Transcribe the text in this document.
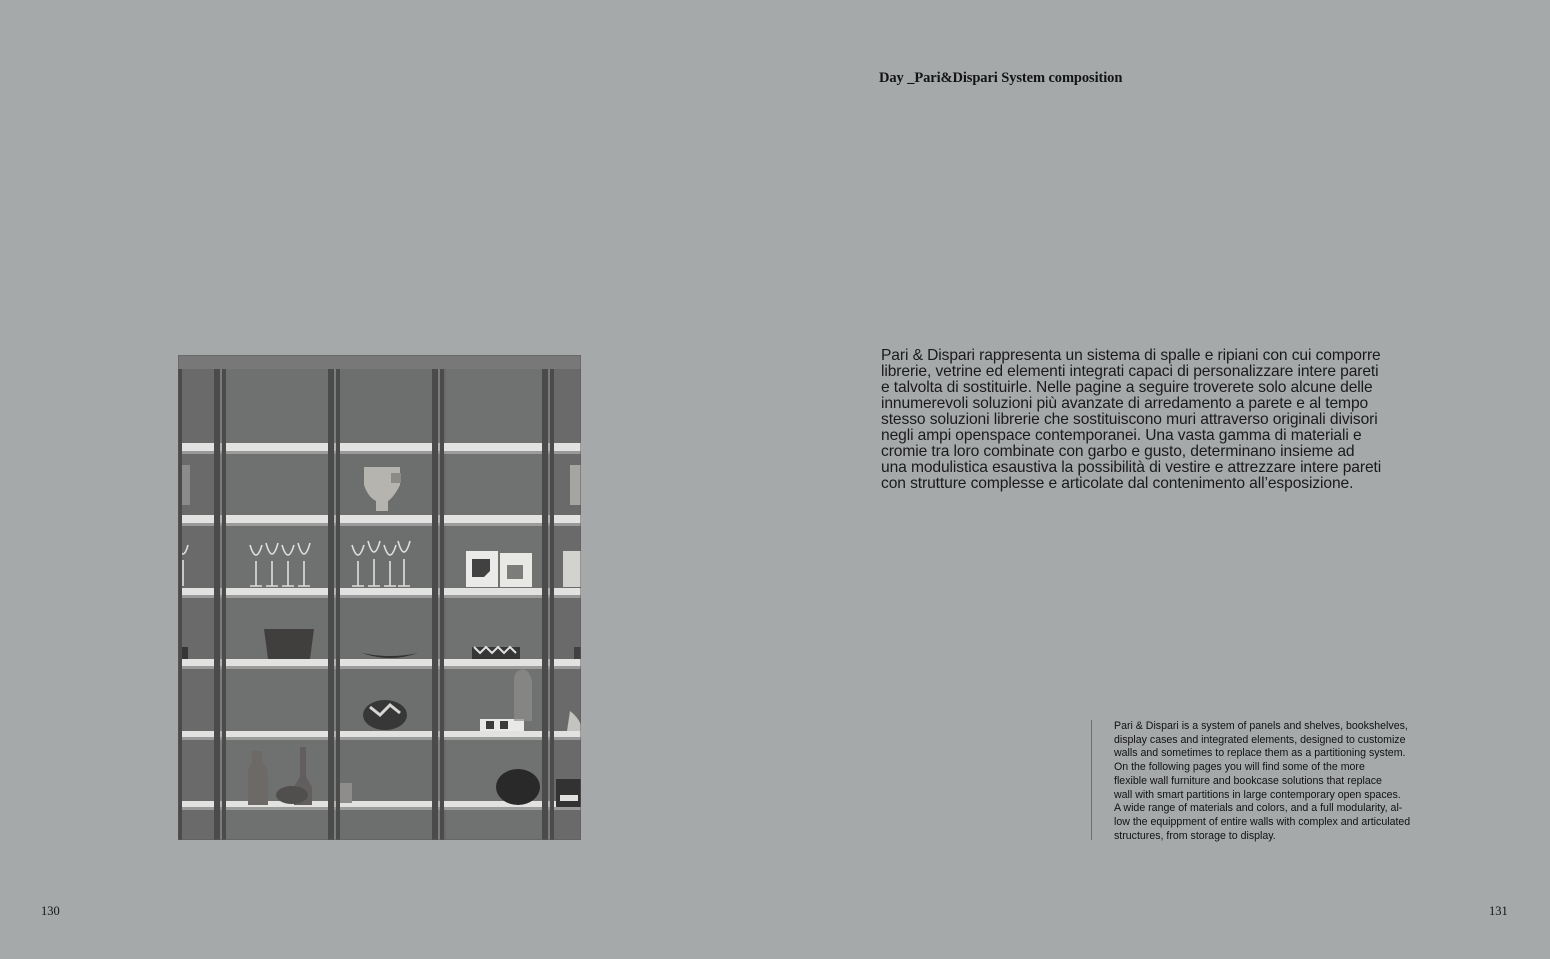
Day _Pari&Dispari System composition
Pari & Dispari rappresenta un sistema di spalle e ripiani con cui comporre
librerie, vetrine ed elementi integrati capaci di personalizzare intere pareti
e talvolta di sostituirle. Nelle pagine a seguire troverete solo alcune delle
innumerevoli soluzioni più avanzate di arredamento a parete e al tempo
stesso soluzioni librerie che sostituiscono muri attraverso originali divisori
negli ampi openspace contemporanei. Una vasta gamma di materiali e
cromie tra loro combinate con garbo e gusto, determinano insieme ad
una modulistica esaustiva la possibilità di vestire e attrezzare intere pareti
con strutture complesse e articolate dal contenimento all’esposizione.
Pari & Dispari is a system of panels and shelves, bookshelves,
display cases and integrated elements, designed to customize
walls and sometimes to replace them as a partitioning system.
On the following pages you will find some of the more
flexible wall furniture and bookcase solutions that replace
wall with smart partitions in large contemporary open spaces.
A wide range of materials and colors, and a full modularity, al-
low the equippment of entire walls with complex and articulated
structures, from storage to display.
130	131
